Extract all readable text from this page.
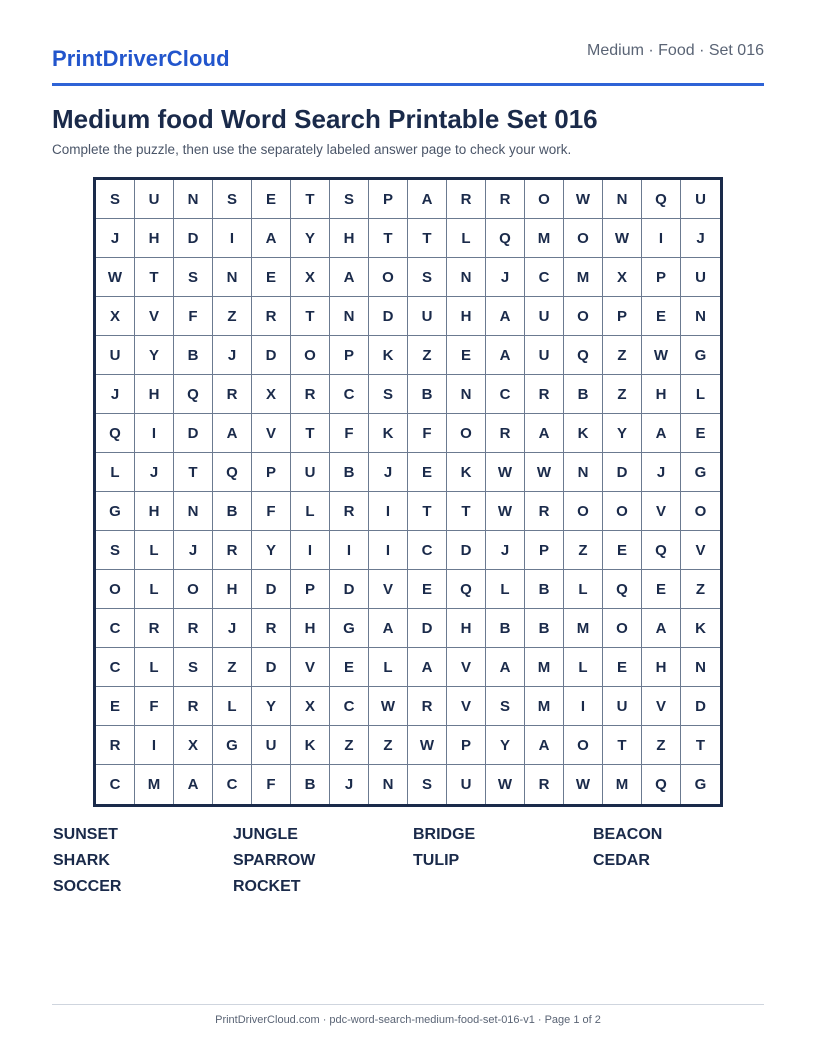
PrintDriverCloud	Medium · Food · Set 016
Medium food Word Search Printable Set 016

Complete the puzzle, then use the separately labeled answer page to check your work.

S	U	N	S	E	T	S	P	A	R	R	O	W	N	Q	U
J	H	D	I	A	Y	H	T	T	L	Q	M	O	W	I	J
W	T	S	N	E	X	A	O	S	N	J	C	M	X	P	U
X	V	F	Z	R	T	N	D	U	H	A	U	O	P	E	N
U	Y	B	J	D	O	P	K	Z	E	A	U	Q	Z	W	G
J	H	Q	R	X	R	C	S	B	N	C	R	B	Z	H	L
Q	I	D	A	V	T	F	K	F	O	R	A	K	Y	A	E
L	J	T	Q	P	U	B	J	E	K	W	W	N	D	J	G
G	H	N	B	F	L	R	I	T	T	W	R	O	O	V	O
S	L	J	R	Y	I	I	I	C	D	J	P	Z	E	Q	V
O	L	O	H	D	P	D	V	E	Q	L	B	L	Q	E	Z
C	R	R	J	R	H	G	A	D	H	B	B	M	O	A	K
C	L	S	Z	D	V	E	L	A	V	A	M	L	E	H	N
E	F	R	L	Y	X	C	W	R	V	S	M	I	U	V	D
R	I	X	G	U	K	Z	Z	W	P	Y	A	O	T	Z	T
C	M	A	C	F	B	J	N	S	U	W	R	W	M	Q	G
SUNSET	JUNGLE	BRIDGE	BEACON
SHARK	SPARROW	TULIP	CEDAR
SOCCER	ROCKET
PrintDriverCloud.com · pdc-word-search-medium-food-set-016-v1 · Page 1 of 2
